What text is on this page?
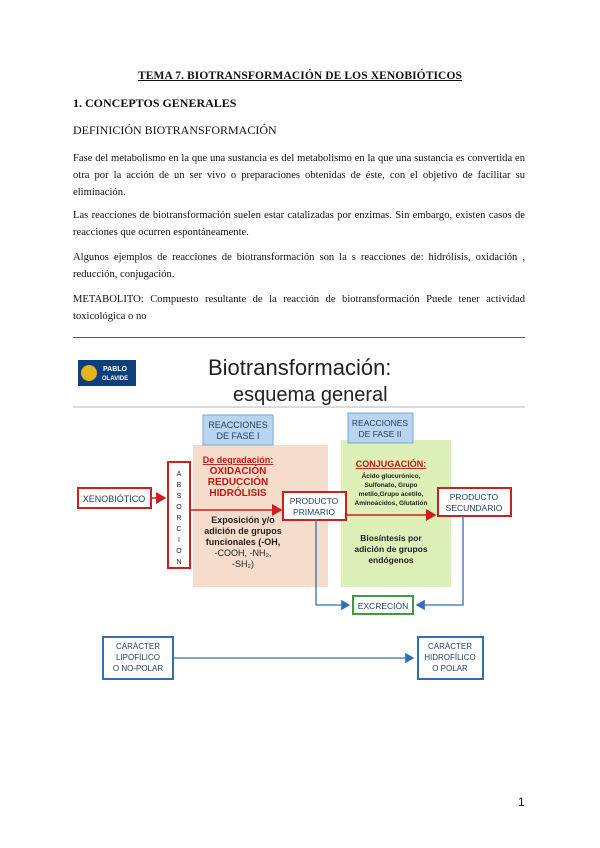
TEMA 7. BIOTRANSFORMACIÓN DE LOS XENOBIÓTICOS
1. CONCEPTOS GENERALES
DEFINICIÓN BIOTRANSFORMACIÓN
Fase del metabolismo en la que una sustancia es del metabolismo en la que una sustancia es convertida en otra por la acción de un ser vivo o preparaciones obtenidas de éste, con el objetivo de facilitar su eliminación.
Las reacciones de biotransformación suelen estar catalizadas por enzimas. Sin embargo, existen casos de reacciones que ocurren espontáneamente.
Algunos ejemplos de reacciones de biotransformación son la s reacciones de: hidrólisis, oxidación , reducción, conjugación.
METABOLITO: Compuesto resultante de la reacción de biotransformación Puede tener actividad toxicológica o no
PABLO
OLAVIDE	Biotransformación:
esquema general
REACCIONES
DE FASE I
De degradación:
OXIDACIÓN
REDUCCIÓN
HIDRÓLISIS
Exposición y/o
adición de grupos
funcionales (-OH,
-COOH, -NH₂,
-SH₂)
REACCIONES
DE FASE II
CONJUGACIÓN:
Ácido glucurónico,
Sulfonato, Grupo
metilo,Grupo acetilo,
Aminoácidos, Glutatión
Biosíntesis por
adición de grupos
endógenos
XENOBIÓTICO
A
B
S
O
R
C
I
O
N
PRODUCTO
PRIMARIO
PRODUCTO
SECUNDARIO
EXCRECIÓN
CARÁCTER
LIPOFÍLICO
O NO-POLAR
CARÁCTER
HIDROFÍLICO
O POLAR
1
